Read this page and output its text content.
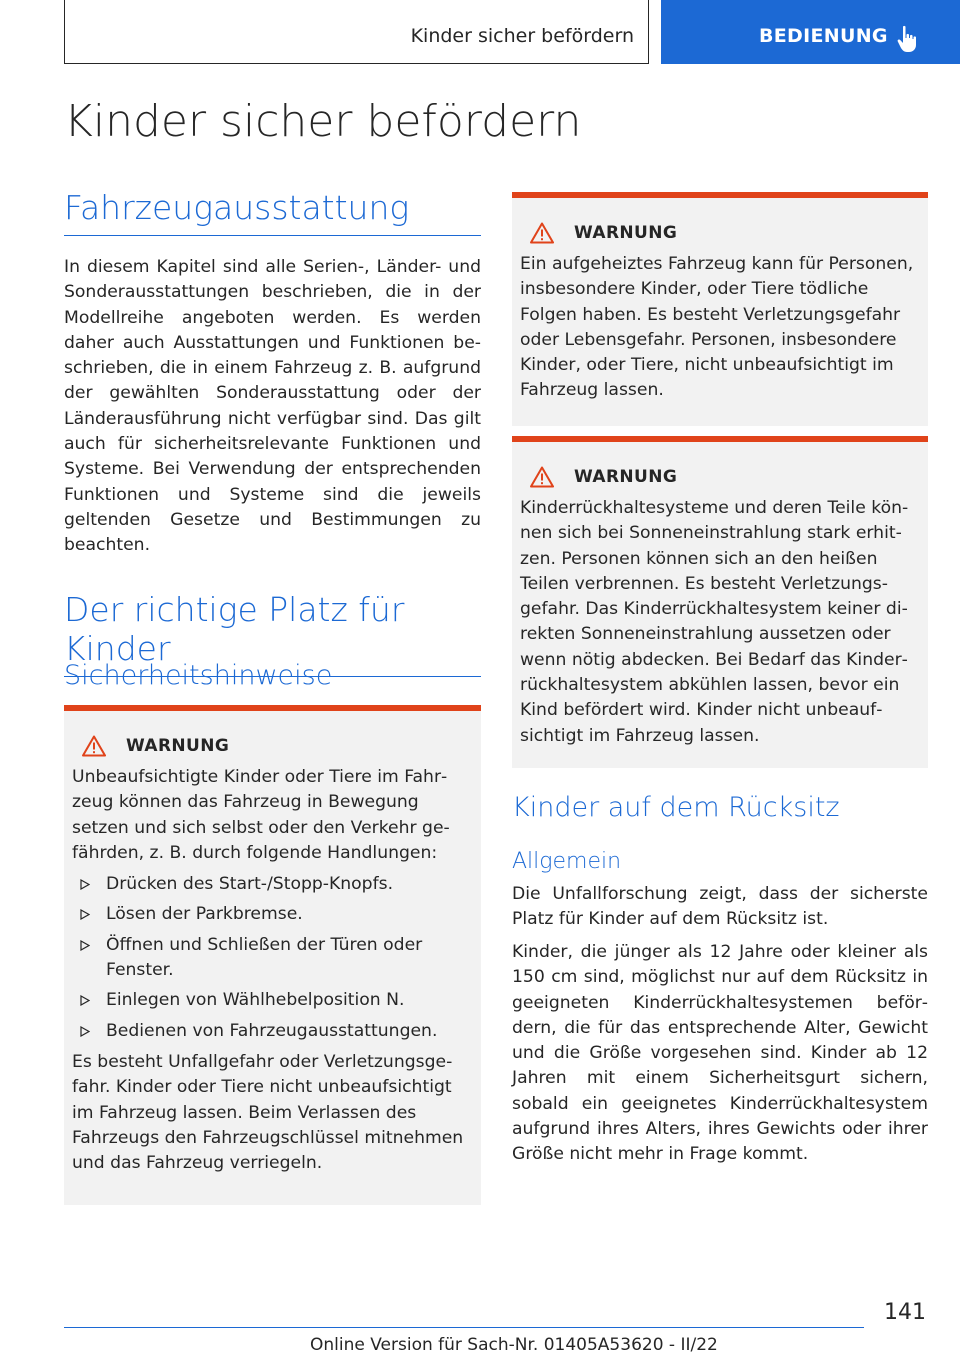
Kinder sicher befördern	BEDIENUNG
Kinder sicher befördern
Fahrzeugausstattung

In diesem Kapitel sind alle Serien-, Länder- und Sonderausstattungen beschrieben, die in der Modellreihe angeboten werden. Es werden daher auch Ausstattungen und Funktionen beschrieben, die in einem Fahrzeug z. B. aufgrund der gewählten Sonderausstattung oder der Länderausführung nicht verfügbar sind. Das gilt auch für sicherheitsrelevante Funktionen und Systeme. Bei Verwendung der entsprechenden Funktionen und Systeme sind die jeweils geltenden Gesetze und Bestimmungen zu beachten.

Der richtige Platz für Kinder
Sicherheitshinweise
WARNUNG

Unbeaufsichtigte Kinder oder Tiere im Fahrzeug können das Fahrzeug in Bewegung setzen und sich selbst oder den Verkehr gefährden, z. B. durch folgende Handlungen:

Drücken des Start-/Stopp-Knopfs.
Lösen der Parkbremse.
Öffnen und Schließen der Türen oder Fenster.
Einlegen von Wählhebelposition N.
Bedienen von Fahrzeugausstattungen.

Es besteht Unfallgefahr oder Verletzungsgefahr. Kinder oder Tiere nicht unbeaufsichtigt im Fahrzeug lassen. Beim Verlassen des Fahrzeugs den Fahrzeugschlüssel mitnehmen und das Fahrzeug verriegeln.

WARNUNG

Ein aufgeheiztes Fahrzeug kann für Personen, insbesondere Kinder, oder Tiere tödliche Folgen haben. Es besteht Verletzungsgefahr oder Lebensgefahr. Personen, insbesondere Kinder, oder Tiere, nicht unbeaufsichtigt im Fahrzeug lassen.

WARNUNG

Kinderrückhaltesysteme und deren Teile können sich bei Sonneneinstrahlung stark erhitzen. Personen können sich an den heißen Teilen verbrennen. Es besteht Verletzungsgefahr. Das Kinderrückhaltesystem keiner direkten Sonneneinstrahlung aussetzen oder wenn nötig abdecken. Bei Bedarf das Kinderrückhaltesystem abkühlen lassen, bevor ein Kind befördert wird. Kinder nicht unbeaufsichtigt im Fahrzeug lassen.

Kinder auf dem Rücksitz
Allgemein

Die Unfallforschung zeigt, dass der sicherste Platz für Kinder auf dem Rücksitz ist.

Kinder, die jünger als 12 Jahre oder kleiner als 150 cm sind, möglichst nur auf dem Rücksitz in geeigneten Kinderrückhaltesystemen befördern, die für das entsprechende Alter, Gewicht und die Größe vorgesehen sind. Kinder ab 12 Jahren mit einem Sicherheitsgurt sichern, sobald ein geeignetes Kinderrückhaltesystem aufgrund ihres Alters, ihres Gewichts oder ihrer Größe nicht mehr in Frage kommt.

141
Online Version für Sach-Nr. 01405A53620 - II/22
